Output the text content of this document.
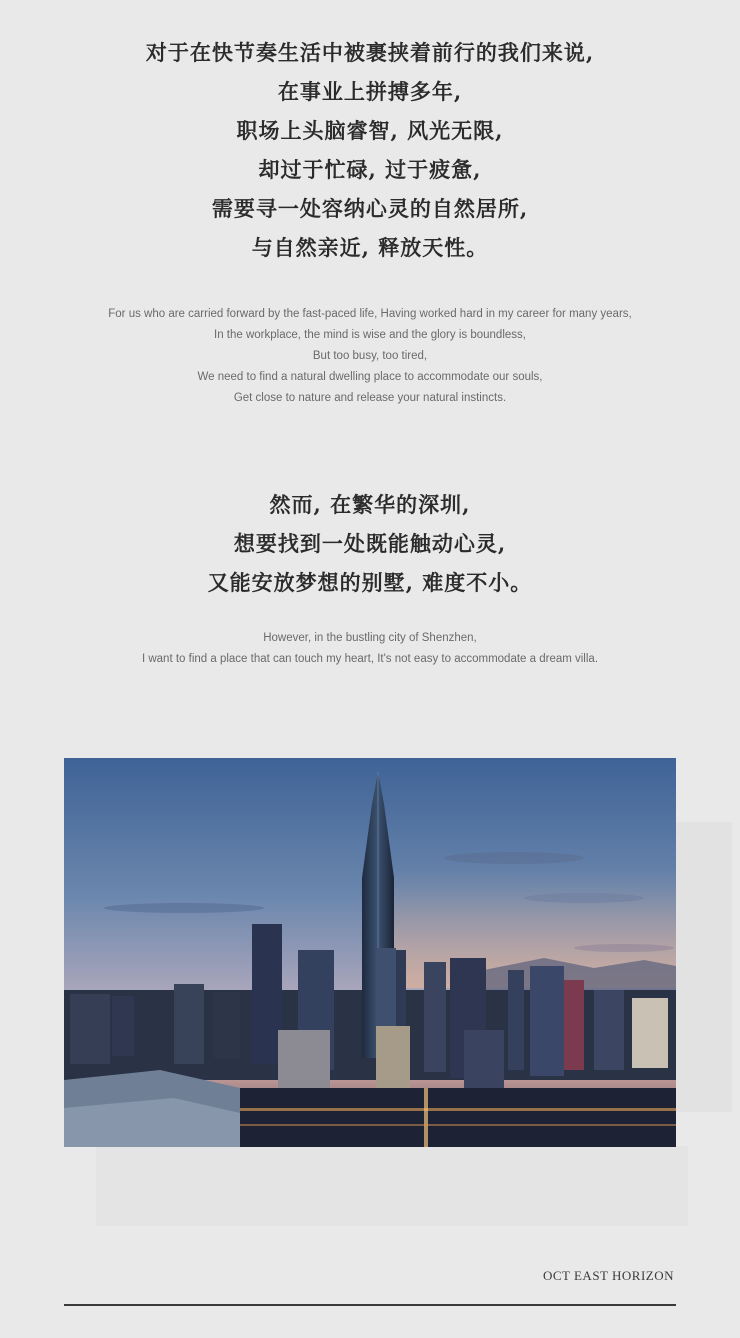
对于在快节奏生活中被裹挟着前行的我们来说,
在事业上拼搏多年,
职场上头脑睿智, 风光无限,
却过于忙碌, 过于疲惫,
需要寻一处容纳心灵的自然居所,
与自然亲近, 释放天性。
For us who are carried forward by the fast-paced life, Having worked hard in my career for many years,
In the workplace, the mind is wise and the glory is boundless,
But too busy, too tired,
We need to find a natural dwelling place to accommodate our souls,
Get close to nature and release your natural instincts.
然而, 在繁华的深圳,
想要找到一处既能触动心灵,
又能安放梦想的别墅, 难度不小。
However, in the bustling city of Shenzhen,
I want to find a place that can touch my heart, It's not easy to accommodate a dream villa.
OCT EAST HORIZON
